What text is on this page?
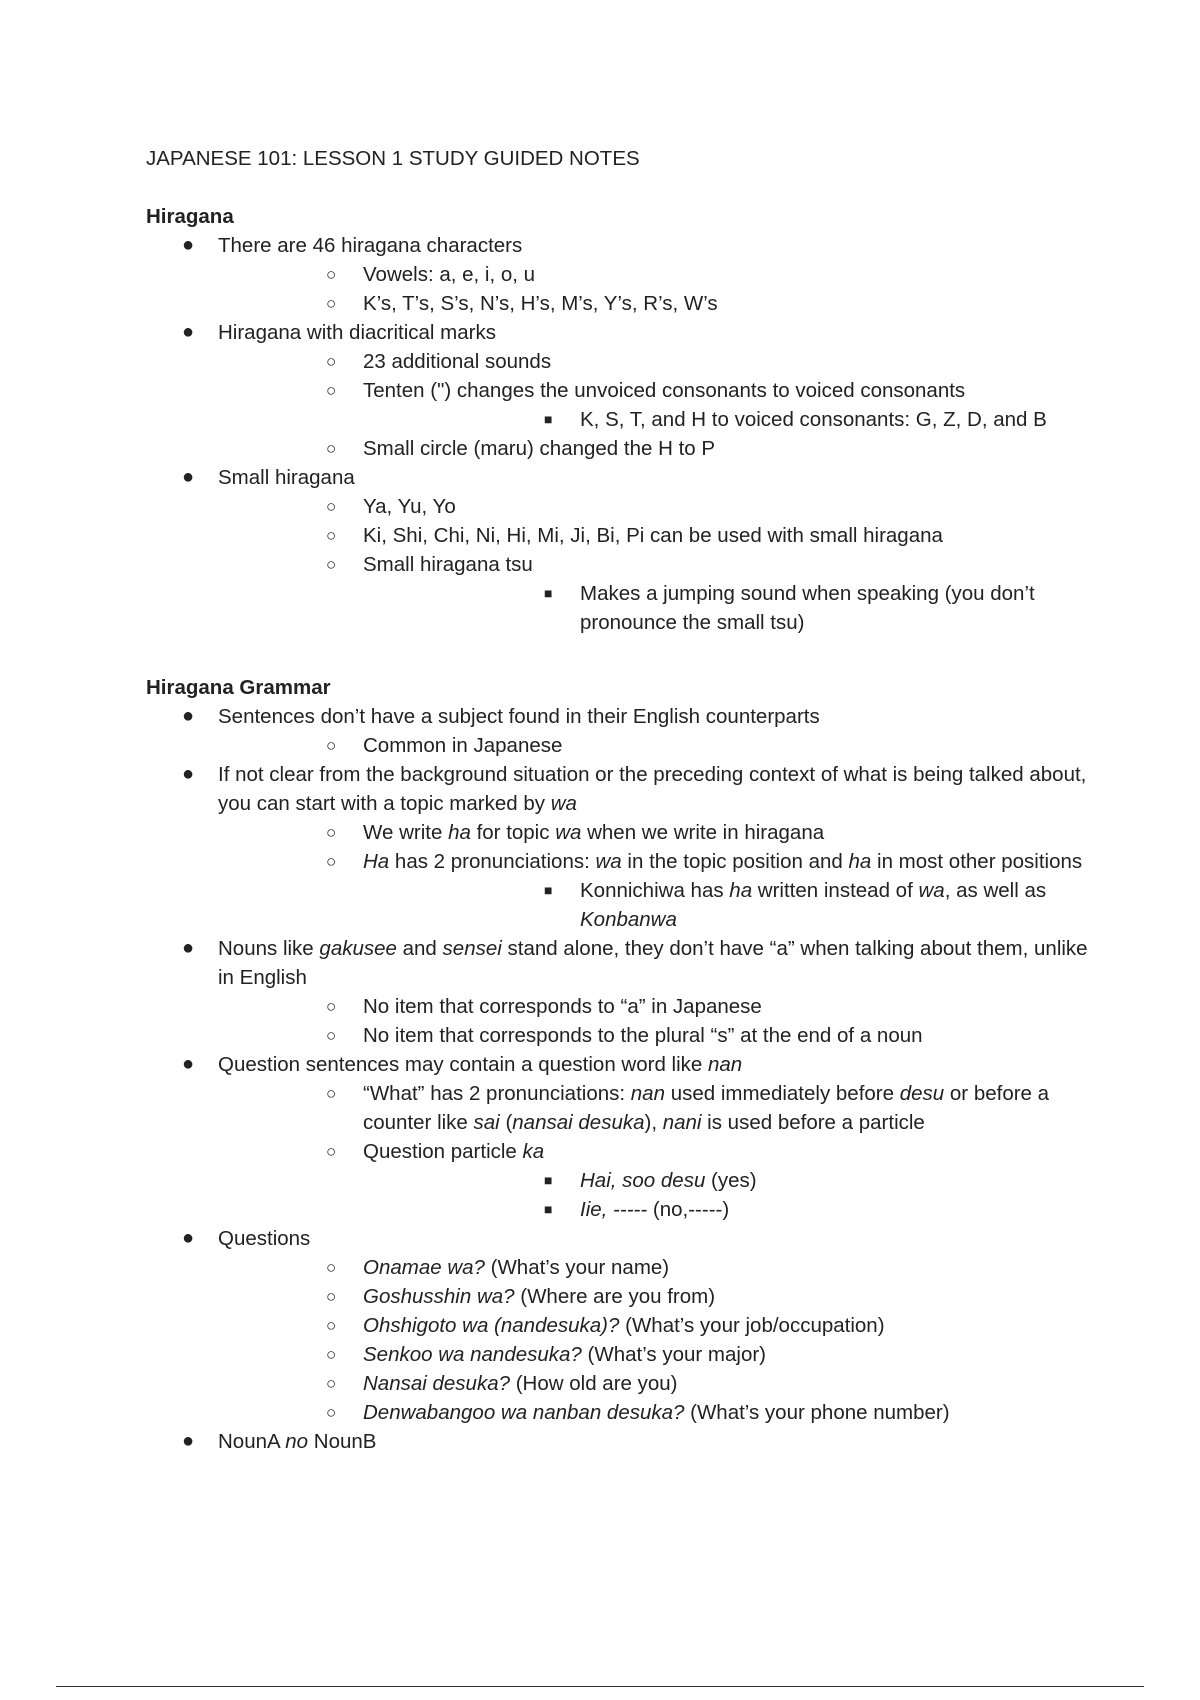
JAPANESE 101: LESSON 1 STUDY GUIDED NOTES
Hiragana
● There are 46 hiragana characters
○ Vowels: a, e, i, o, u
○ K’s, T’s, S’s, N’s, H’s, M’s, Y’s, R’s, W’s
● Hiragana with diacritical marks
○ 23 additional sounds
○ Tenten (") changes the unvoiced consonants to voiced consonants
■ K, S, T, and H to voiced consonants: G, Z, D, and B
○ Small circle (maru) changed the H to P
● Small hiragana
○ Ya, Yu, Yo
○ Ki, Shi, Chi, Ni, Hi, Mi, Ji, Bi, Pi can be used with small hiragana
○ Small hiragana tsu
■ Makes a jumping sound when speaking (you don’t pronounce the small tsu)
Hiragana Grammar
● Sentences don’t have a subject found in their English counterparts
○ Common in Japanese
● If not clear from the background situation or the preceding context of what is being talked about, you can start with a topic marked by wa
○ We write ha for topic wa when we write in hiragana
○ Ha has 2 pronunciations: wa in the topic position and ha in most other positions
■ Konnichiwa has ha written instead of wa, as well as Konbanwa
● Nouns like gakusee and sensei stand alone, they don’t have “a” when talking about them, unlike in English
○ No item that corresponds to “a” in Japanese
○ No item that corresponds to the plural “s” at the end of a noun
● Question sentences may contain a question word like nan
○ “What” has 2 pronunciations: nan used immediately before desu or before a counter like sai (nansai desuka), nani is used before a particle
○ Question particle ka
■ Hai, soo desu (yes)
■ Iie, ----- (no,-----)
● Questions
○ Onamae wa? (What’s your name)
○ Goshusshin wa? (Where are you from)
○ Ohshigoto wa (nandesuka)? (What’s your job/occupation)
○ Senkoo wa nandesuka? (What’s your major)
○ Nansai desuka? (How old are you)
○ Denwabangoo wa nanban desuka? (What’s your phone number)
● NounA no NounB
